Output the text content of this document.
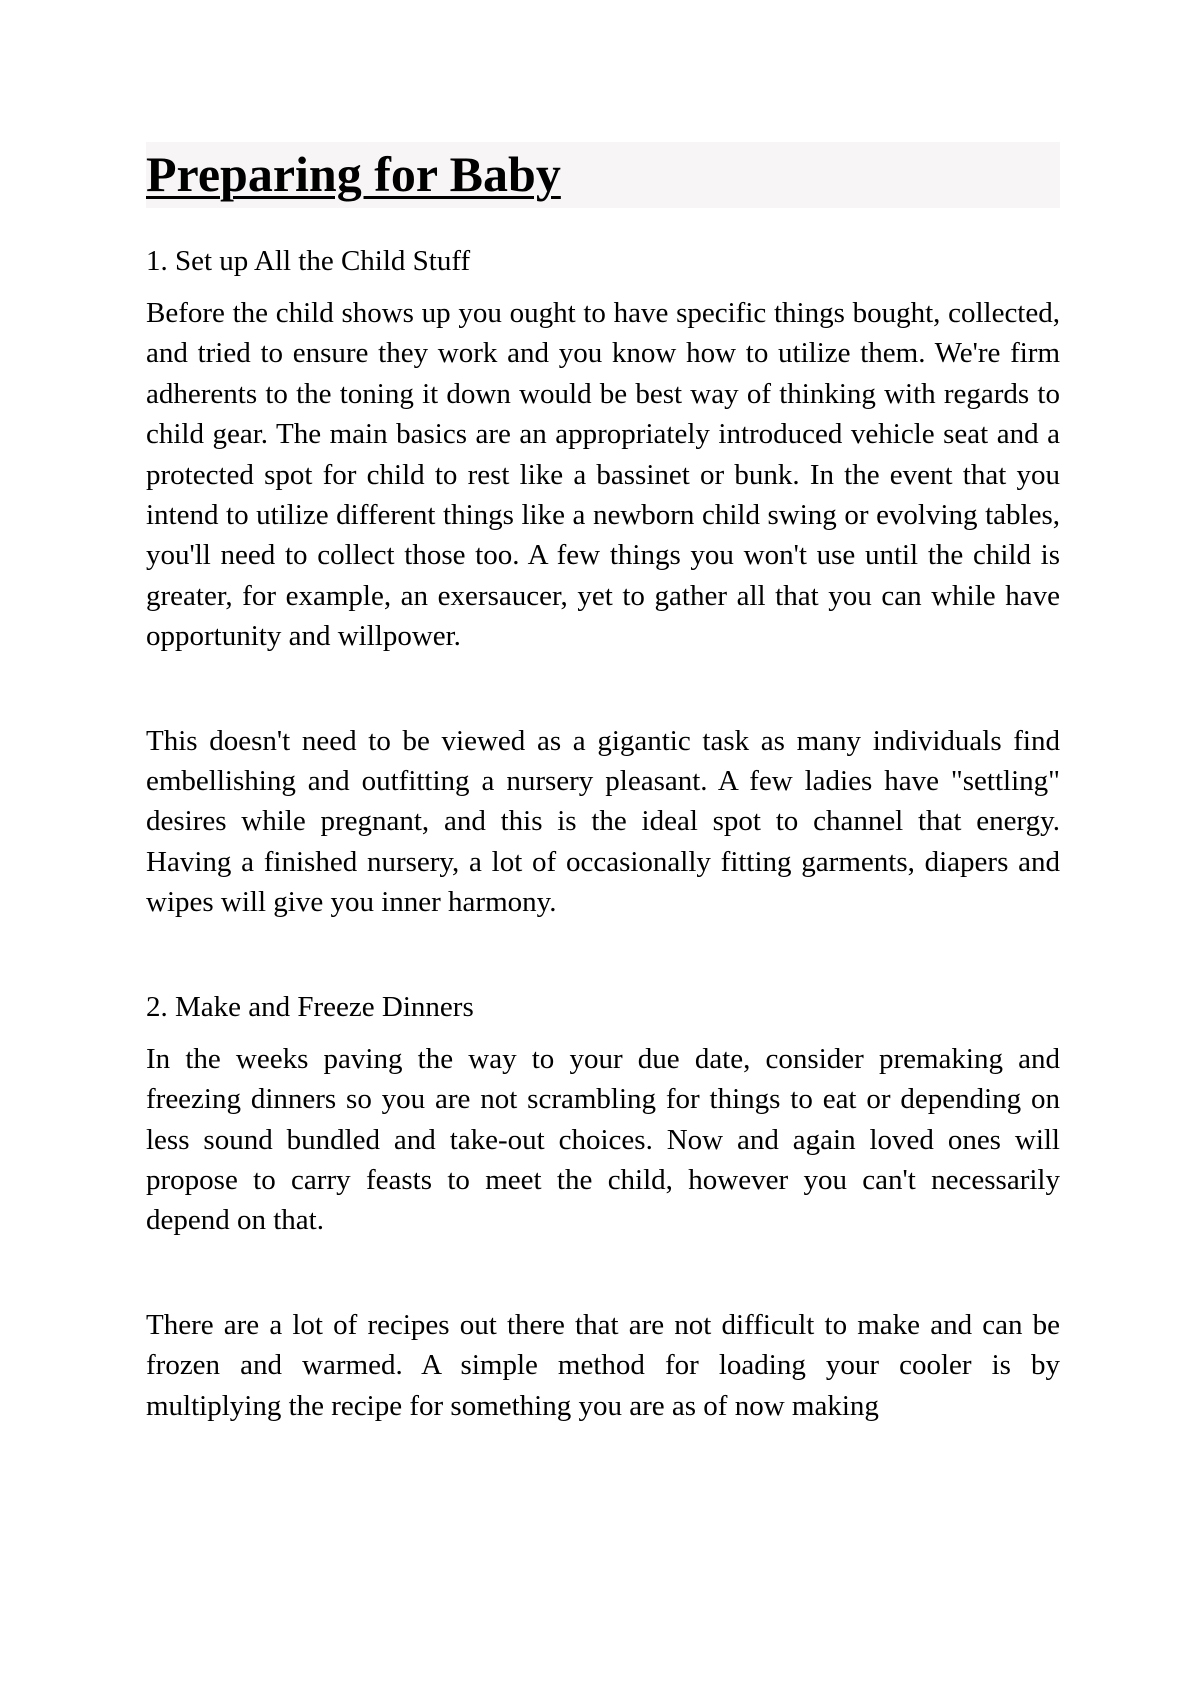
Preparing for Baby
1. Set up All the Child Stuff

Before the child shows up you ought to have specific things bought, collected, and tried to ensure they work and you know how to utilize them. We're firm adherents to the toning it down would be best way of thinking with regards to child gear. The main basics are an appropriately introduced vehicle seat and a protected spot for child to rest like a bassinet or bunk. In the event that you intend to utilize different things like a newborn child swing or evolving tables, you'll need to collect those too. A few things you won't use until the child is greater, for example, an exersaucer, yet to gather all that you can while have opportunity and willpower.

This doesn't need to be viewed as a gigantic task as many individuals find embellishing and outfitting a nursery pleasant. A few ladies have "settling" desires while pregnant, and this is the ideal spot to channel that energy. Having a finished nursery, a lot of occasionally fitting garments, diapers and wipes will give you inner harmony.

2. Make and Freeze Dinners

In the weeks paving the way to your due date, consider premaking and freezing dinners so you are not scrambling for things to eat or depending on less sound bundled and take-out choices. Now and again loved ones will propose to carry feasts to meet the child, however you can't necessarily depend on that.

There are a lot of recipes out there that are not difficult to make and can be frozen and warmed. A simple method for loading your cooler is by multiplying the recipe for something you are as of now making
